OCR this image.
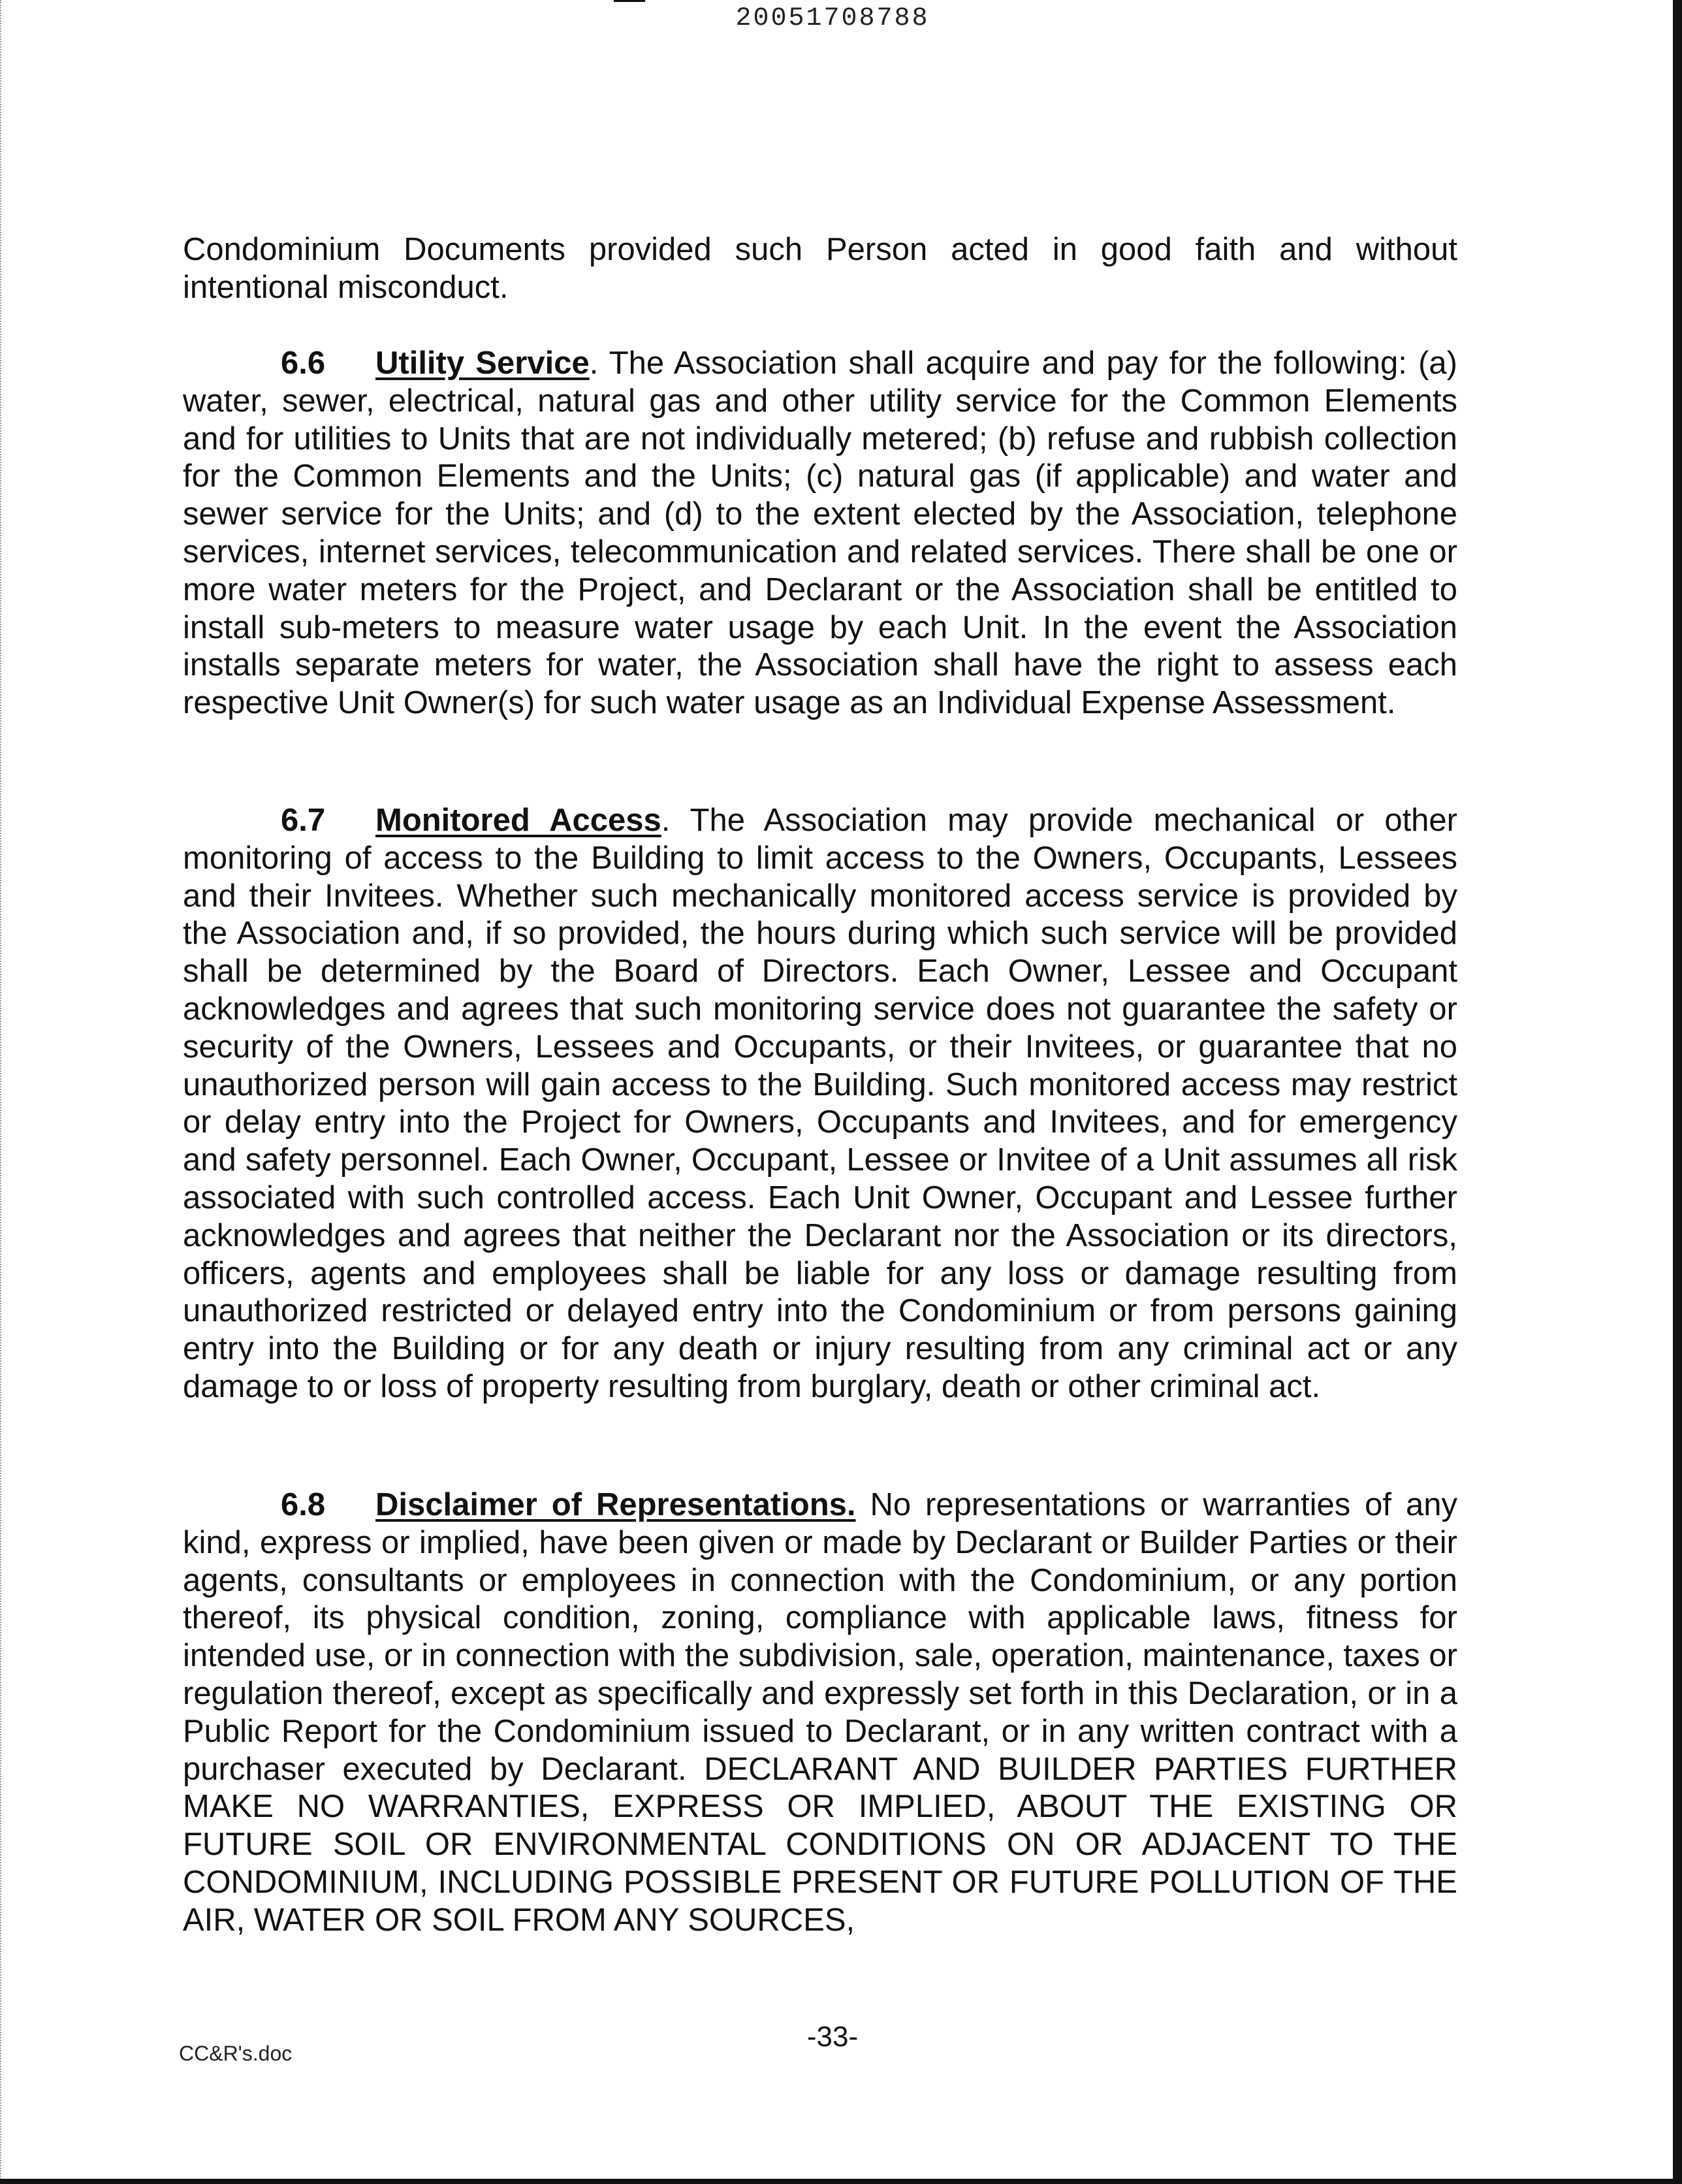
20051708788

Condominium Documents provided such Person acted in good faith and without intentional misconduct.

6.6 Utility Service. The Association shall acquire and pay for the following: (a) water, sewer, electrical, natural gas and other utility service for the Common Elements and for utilities to Units that are not individually metered; (b) refuse and rubbish collection for the Common Elements and the Units; (c) natural gas (if applicable) and water and sewer service for the Units; and (d) to the extent elected by the Association, telephone services, internet services, telecommunication and related services. There shall be one or more water meters for the Project, and Declarant or the Association shall be entitled to install sub-meters to measure water usage by each Unit. In the event the Association installs separate meters for water, the Association shall have the right to assess each respective Unit Owner(s) for such water usage as an Individual Expense Assessment.

6.7 Monitored Access. The Association may provide mechanical or other monitoring of access to the Building to limit access to the Owners, Occupants, Lessees and their Invitees. Whether such mechanically monitored access service is provided by the Association and, if so provided, the hours during which such service will be provided shall be determined by the Board of Directors. Each Owner, Lessee and Occupant acknowledges and agrees that such monitoring service does not guarantee the safety or security of the Owners, Lessees and Occupants, or their Invitees, or guarantee that no unauthorized person will gain access to the Building. Such monitored access may restrict or delay entry into the Project for Owners, Occupants and Invitees, and for emergency and safety personnel. Each Owner, Occupant, Lessee or Invitee of a Unit assumes all risk associated with such controlled access. Each Unit Owner, Occupant and Lessee further acknowledges and agrees that neither the Declarant nor the Association or its directors, officers, agents and employees shall be liable for any loss or damage resulting from unauthorized restricted or delayed entry into the Condominium or from persons gaining entry into the Building or for any death or injury resulting from any criminal act or any damage to or loss of property resulting from burglary, death or other criminal act.

6.8 Disclaimer of Representations. No representations or warranties of any kind, express or implied, have been given or made by Declarant or Builder Parties or their agents, consultants or employees in connection with the Condominium, or any portion thereof, its physical condition, zoning, compliance with applicable laws, fitness for intended use, or in connection with the subdivision, sale, operation, maintenance, taxes or regulation thereof, except as specifically and expressly set forth in this Declaration, or in a Public Report for the Condominium issued to Declarant, or in any written contract with a purchaser executed by Declarant. DECLARANT AND BUILDER PARTIES FURTHER MAKE NO WARRANTIES, EXPRESS OR IMPLIED, ABOUT THE EXISTING OR FUTURE SOIL OR ENVIRONMENTAL CONDITIONS ON OR ADJACENT TO THE CONDOMINIUM, INCLUDING POSSIBLE PRESENT OR FUTURE POLLUTION OF THE AIR, WATER OR SOIL FROM ANY SOURCES,

-33-
CC&R's.doc
